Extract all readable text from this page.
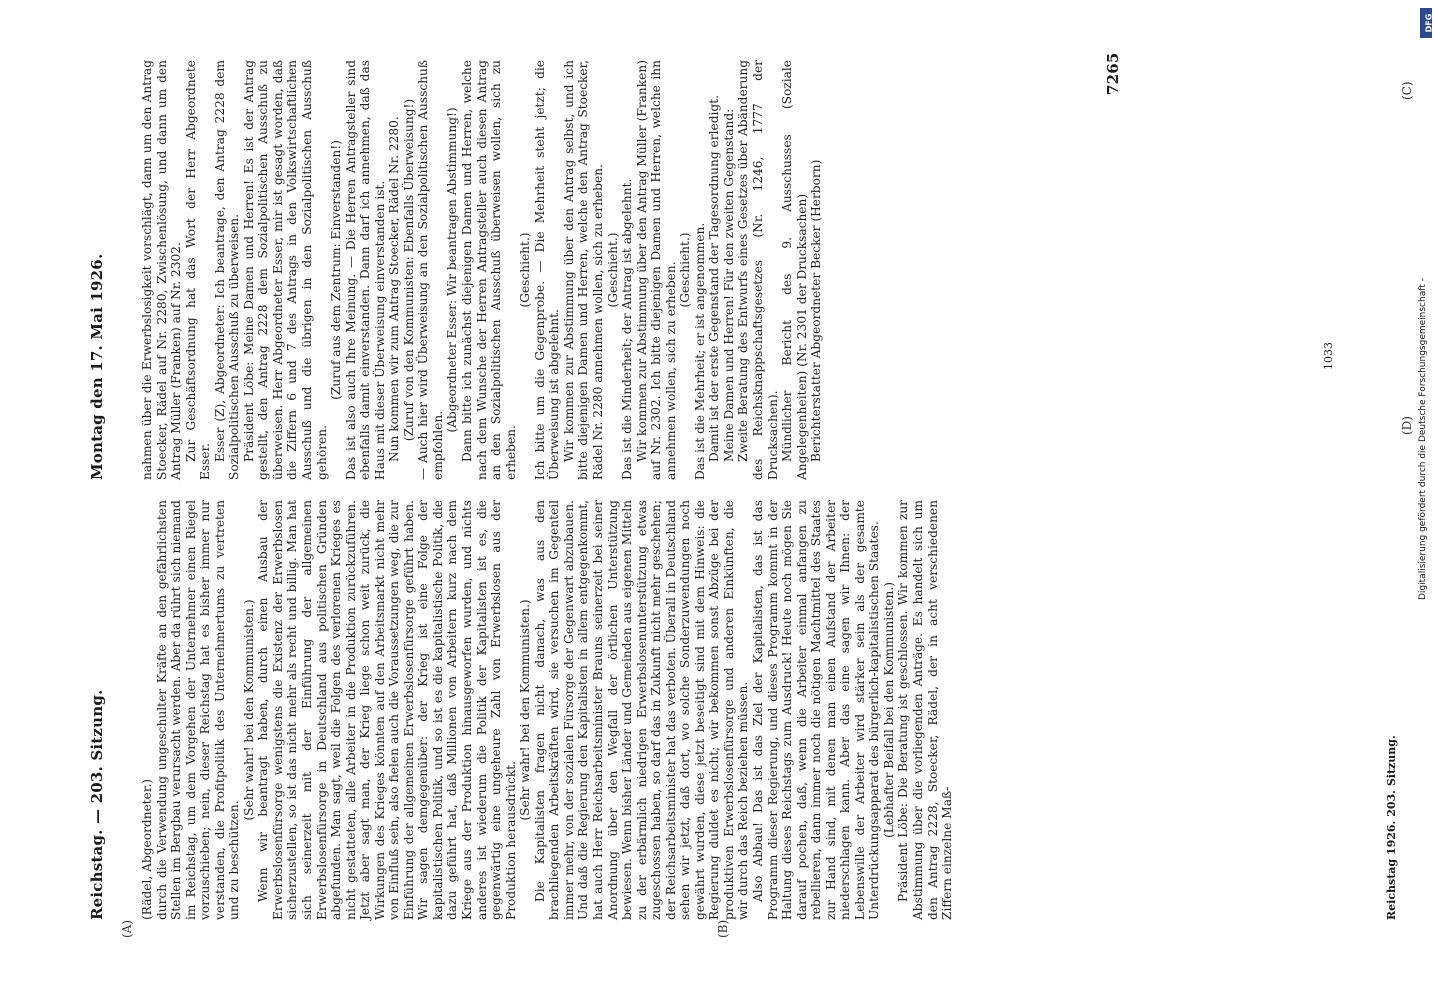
Reichstag. — 203. Sitzung.
Montag den 17. Mai 1926.
7265
(A)	(B)
(C)
(D)

(Rädel, Abgeordneter.) durch die Verwendung ungeschulter Kräfte an den gefährlichsten Stellen im Bergbau verursacht werden. Aber da rührt sich niemand im Reichstag, um dem Vorgehen der Unternehmer einen Riegel vorzuschieben; nein, dieser Reichstag hat es bisher immer nur verstanden, die Profitpolitik des Unternehmertums zu vertreten und zu beschützen.

(Sehr wahr! bei den Kommunisten.) Wenn wir beantragt haben, durch einen Ausbau der Erwerbslosenfürsorge wenigstens die Existenz der Erwerbslosen sicherzustellen, so ist das nicht mehr als recht und billig. Man hat sich seinerzeit mit der Einführung der allgemeinen Erwerbslosenfürsorge in Deutschland aus politischen Gründen abgefunden. Man sagt, weil die Folgen des verlorenen Krieges es nicht gestatteten, alle Arbeiter in die Produktion zurückzuführen. Jetzt aber sagt man, der Krieg liege schon weit zurück, die Wirkungen des Krieges könnten auf den Arbeitsmarkt nicht mehr von Einfluß sein, also fielen auch die Voraussetzungen weg, die zur Einführung der allgemeinen Erwerbslosenfürsorge geführt haben. Wir sagen demgegenüber: der Krieg ist eine Folge der kapitalistischen Politik, und so ist es die kapitalistische Politik, die dazu geführt hat, daß Millionen von Arbeitern kurz nach dem Kriege aus der Produktion hinausgeworfen wurden, und nichts anderes ist wiederum die Politik der Kapitalisten ist es, die gegenwärtig eine ungeheure Zahl von Erwerbslosen aus der Produktion herausdrückt.

(Sehr wahr! bei den Kommunisten.) Die Kapitalisten fragen nicht danach, was aus den brachliegenden Arbeitskräften wird, sie versuchen im Gegenteil immer mehr, von der sozialen Fürsorge der Gegenwart abzubauen. Und daß die Regierung den Kapitalisten in allem entgegenkommt, hat auch Herr Reichsarbeitsminister Brauns seinerzeit bei seiner Anordnung über den Wegfall der örtlichen Unterstützung bewiesen. Wenn bisher Länder und Gemeinden aus eigenen Mitteln zu der erbärmlich niedrigen Erwerbslosenunterstützung etwas zugeschossen haben, so darf das in Zukunft nicht mehr geschehen; der Reichsarbeitsminister hat das verboten. Überall in Deutschland sehen wir jetzt, daß dort, wo solche Sonderzuwendungen noch gewährt wurden, diese jetzt beseitigt sind mit dem Hinweis: die Regierung duldet es nicht; wir bekommen sonst Abzüge bei der produktiven Erwerbslosenfürsorge und anderen Einkünften, die wir durch das Reich beziehen müssen. Also Abbau! Das ist das Ziel der Kapitalisten, das ist das Programm dieser Regierung, und dieses Programm kommt in der Haltung dieses Reichstags zum Ausdruck! Heute noch mögen Sie darauf pochen, daß, wenn die Arbeiter einmal anfangen zu rebellieren, dann immer noch die nötigen Machtmittel des Staates zur Hand sind, mit denen man einen Aufstand der Arbeiter niederschlagen kann. Aber das eine sagen wir Ihnen: der Lebenswille der Arbeiter wird stärker sein als der gesamte Unterdrückungsapparat des bürgerlich-kapitalistischen Staates. (Lebhafter Beifall bei den Kommunisten.) Präsident Löbe: Die Beratung ist geschlossen. Wir kommen zur Abstimmung über die vorliegenden Anträge. Es handelt sich um den Antrag 2228, Stoecker, Rädel, der in acht verschiedenen Ziffern einzelne Maß-

nahmen über die Erwerbslosigkeit vorschlägt, dann um den Antrag Stoecker, Rädel auf Nr. 2280, Zwischenlösung, und dann um den Antrag Müller (Franken) auf Nr. 2302. Zur Geschäftsordnung hat das Wort der Herr Abgeordnete Esser. Esser (Z), Abgeordneter: Ich beantrage, den Antrag 2228 dem Sozialpolitischen Ausschuß zu überweisen. Präsident Löbe: Meine Damen und Herren! Es ist der Antrag gestellt, den Antrag 2228 dem Sozialpolitischen Ausschuß zu überweisen. Herr Abgeordneter Esser, mir ist gesagt worden, daß die Ziffern 6 und 7 des Antrags in den Volkswirtschaftlichen Ausschuß und die übrigen in den Sozialpolitischen Ausschuß gehören.

(Zuruf aus dem Zentrum: Einverstanden!) Das ist also auch Ihre Meinung. — Die Herren Antragsteller sind ebenfalls damit einverstanden. Dann darf ich annehmen, daß das Haus mit dieser Überweisung einverstanden ist. Nun kommen wir zum Antrag Stoecker, Rädel Nr. 2280. (Zuruf von den Kommunisten: Ebenfalls Überweisung!) — Auch hier wird Überweisung an den Sozialpolitischen Ausschuß empfohlen.

(Abgeordneter Esser: Wir beantragen Abstimmung!) Dann bitte ich zunächst diejenigen Damen und Herren, welche nach dem Wunsche der Herren Antragsteller auch diesen Antrag an den Sozialpolitischen Ausschuß überweisen wollen, sich zu erheben.

(Geschieht.) Ich bitte um die Gegenprobe. — Die Mehrheit steht jetzt; die Überweisung ist abgelehnt. Wir kommen zur Abstimmung über den Antrag selbst, und ich bitte diejenigen Damen und Herren, welche den Antrag Stoecker, Rädel Nr. 2280 annehmen wollen, sich zu erheben. (Geschieht.) Das ist die Minderheit; der Antrag ist abgelehnt. Wir kommen zur Abstimmung über den Antrag Müller (Franken) auf Nr. 2302. Ich bitte diejenigen Damen und Herren, welche ihn annehmen wollen, sich zu erheben. (Geschieht.) Das ist die Mehrheit; er ist angenommen. Damit ist der erste Gegenstand der Tagesordnung erledigt. Meine Damen und Herren! Für den zweiten Gegenstand: Zweite Beratung des Entwurfs eines Gesetzes über Abänderung des Reichsknappschaftsgesetzes (Nr. 1246, 1777 der Drucksachen). Mündlicher Bericht des 9. Ausschusses (Soziale Angelegenheiten) (Nr. 2301 der Drucksachen) Berichterstatter Abgeordneter Becker (Herborn)

Reichstag 1926. 203. Sitzung.
1033	Digitalisierung gefördert durch die Deutsche Forschungsgemeinschaft -
DFG
